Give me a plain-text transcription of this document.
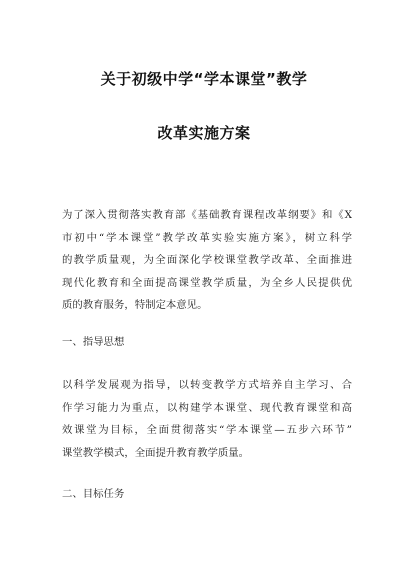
关于初级中学“学本课堂”教学
改革实施方案
为了深入贯彻落实教育部《基础教育课程改革纲要》和《X
市初中“学本课堂”教学改革实验实施方案》，树立科学
的教学质量观，为全面深化学校课堂教学改革、全面推进
现代化教育和全面提高课堂教学质量，为全乡人民提供优
质的教育服务，特制定本意见。
一、指导思想
以科学发展观为指导，以转变教学方式培养自主学习、合
作学习能力为重点，以构建学本课堂、现代教育课堂和高
效课堂为目标，全面贯彻落实“学本课堂—五步六环节”
课堂教学模式，全面提升教育教学质量。
二、目标任务
